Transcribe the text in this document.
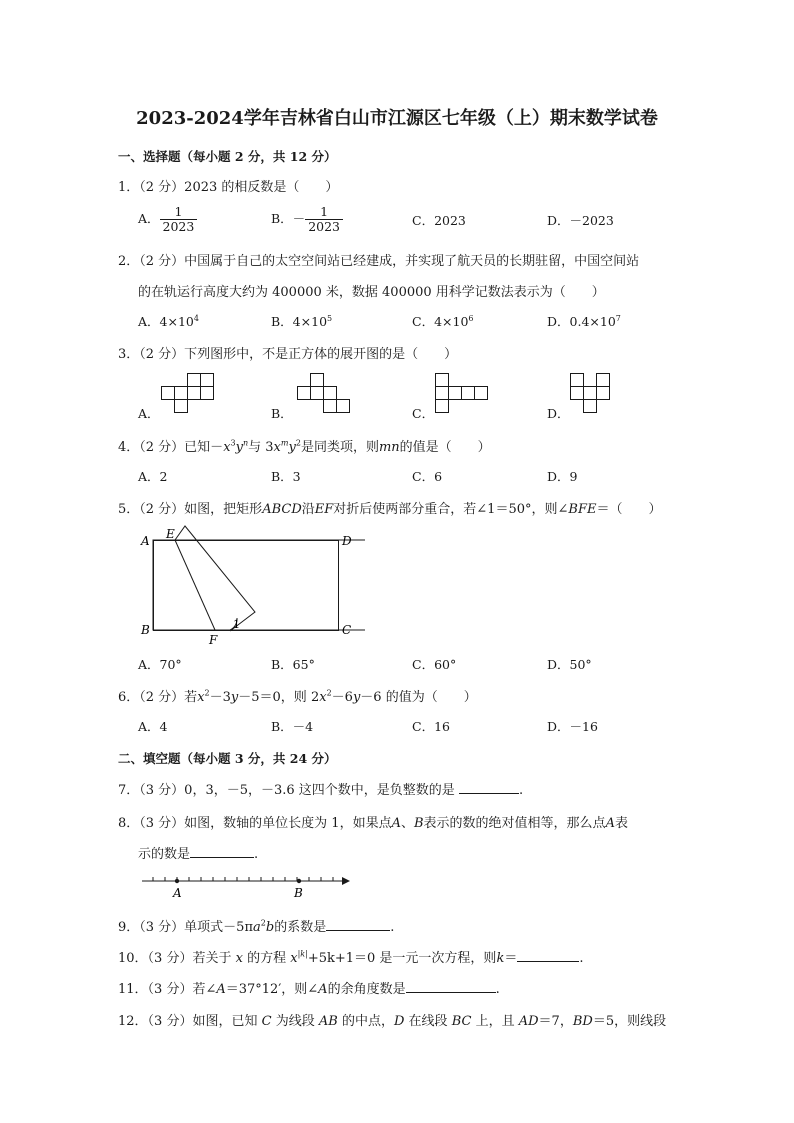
2023-2024学年吉林省白山市江源区七年级（上）期末数学试卷
一、选择题（每小题 2 分，共 12 分）
1．（2 分）2023 的相反数是（　　）
A． $\frac{1}{2023}$	B．－ $\frac{1}{2023}$	C．2023	D．－2023
2．（2 分）中国属于自己的太空空间站已经建成，并实现了航天员的长期驻留，中国空间站
的在轨运行高度大约为 400000 米，数据 400000 用科学记数法表示为（　　）
A．$4\times 10^4$	B．$4\times 10^5$	C．$4\times 10^6$	D．$0.4\times 10^7$
3．（2 分）下列图形中，不是正方体的展开图的是（　　）
A．	B．	C．	D．
4．（2 分）已知$-x^3y^n$与 $3x^my^2$是同类项，则mn的值是（　　）
A．2	B．3	C．6	D．9
5．（2 分）如图，把矩形ABCD沿EF对折后使两部分重合，若∠1＝50°，则∠BFE＝（　　）
A E
B
F
1
D
C
A．70°	B．65°	C．60°	D．50°
6．（2 分）若$x^2-3y-5=0$，则 $2x^2-6y-6$ 的值为（　　）
A．4	B．－4	C．16	D．－16
二、填空题（每小题 3 分，共 24 分）
7．（3 分）0，3，－5，－3.6 这四个数中，是负整数的是	.
8．（3 分）如图，数轴的单位长度为 1，如果点A、B表示的数的绝对值相等，那么点A表
示的数是	.
A	B
9．（3 分）单项式$-5\pi a^2b$的系数是	.
10．（3 分）若关于 x 的方程 $x^{|k|}+5k+1=0$ 是一元一次方程，则k＝	.
11．（3 分）若∠A＝37°12′，则∠A的余角度数是	.
12．（3 分）如图，已知 C 为线段 AB 的中点，D 在线段 BC 上，且 AD＝7，BD＝5，则线段
